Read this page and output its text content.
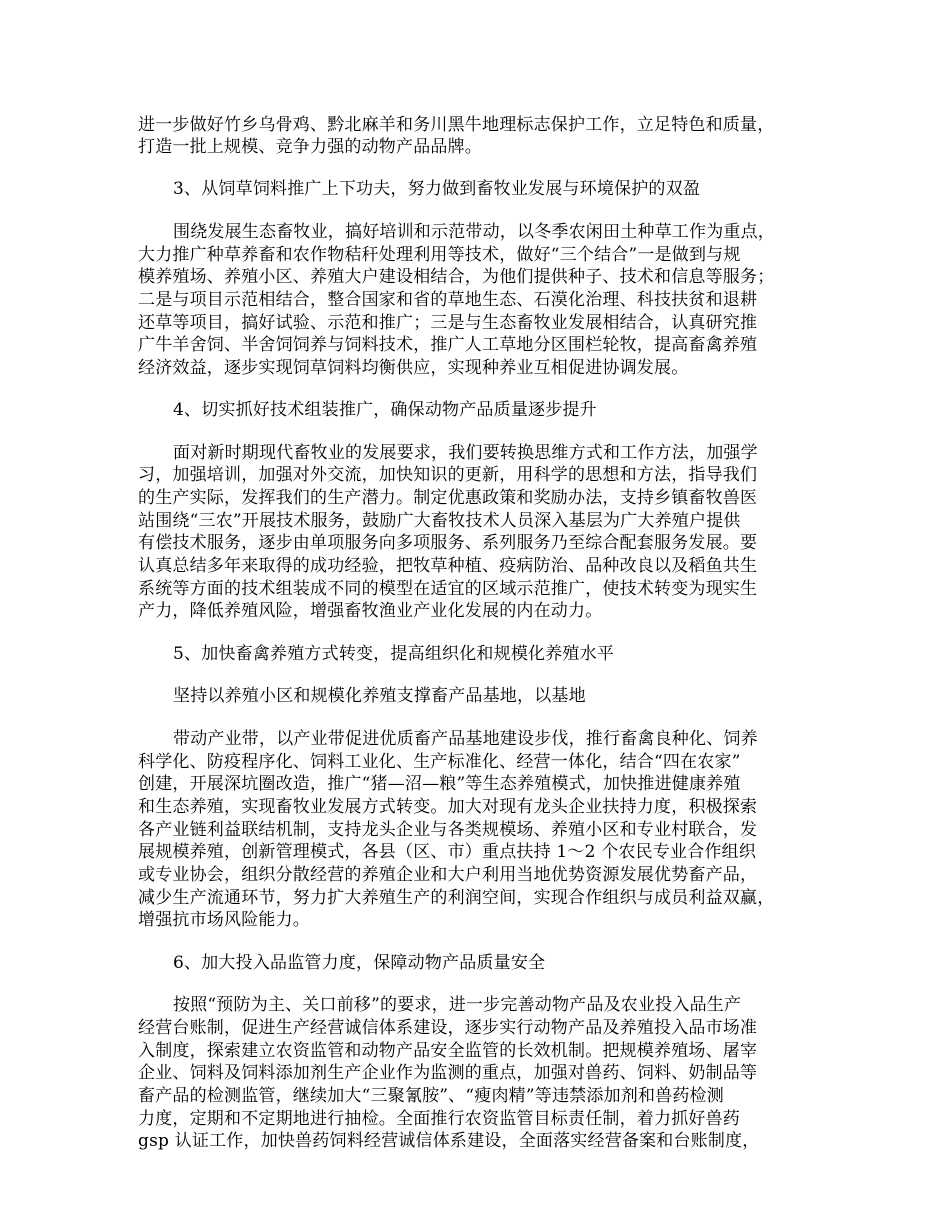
进一步做好竹乡乌骨鸡、黔北麻羊和务川黑牛地理标志保护工作，立足特色和质量，
打造一批上规模、竞争力强的动物产品品牌。
3、从饲草饲料推广上下功夫，努力做到畜牧业发展与环境保护的双盈
围绕发展生态畜牧业，搞好培训和示范带动，以冬季农闲田土种草工作为重点，
大力推广种草养畜和农作物秸秆处理利用等技术，做好“三个结合”一是做到与规
模养殖场、养殖小区、养殖大户建设相结合，为他们提供种子、技术和信息等服务；
二是与项目示范相结合，整合国家和省的草地生态、石漠化治理、科技扶贫和退耕
还草等项目，搞好试验、示范和推广；三是与生态畜牧业发展相结合，认真研究推
广牛羊舍饲、半舍饲饲养与饲料技术，推广人工草地分区围栏轮牧，提高畜禽养殖
经济效益，逐步实现饲草饲料均衡供应，实现种养业互相促进协调发展。
4、切实抓好技术组装推广，确保动物产品质量逐步提升
面对新时期现代畜牧业的发展要求，我们要转换思维方式和工作方法，加强学
习，加强培训，加强对外交流，加快知识的更新，用科学的思想和方法，指导我们
的生产实际，发挥我们的生产潜力。制定优惠政策和奖励办法，支持乡镇畜牧兽医
站围绕“三农”开展技术服务，鼓励广大畜牧技术人员深入基层为广大养殖户提供
有偿技术服务，逐步由单项服务向多项服务、系列服务乃至综合配套服务发展。要
认真总结多年来取得的成功经验，把牧草种植、疫病防治、品种改良以及稻鱼共生
系统等方面的技术组装成不同的模型在适宜的区域示范推广，使技术转变为现实生
产力，降低养殖风险，增强畜牧渔业产业化发展的内在动力。
5、加快畜禽养殖方式转变，提高组织化和规模化养殖水平
坚持以养殖小区和规模化养殖支撑畜产品基地，以基地
带动产业带，以产业带促进优质畜产品基地建设步伐，推行畜禽良种化、饲养
科学化、防疫程序化、饲料工业化、生产标准化、经营一体化，结合“四在农家”
创建，开展深坑圈改造，推广“猪—沼—粮”等生态养殖模式，加快推进健康养殖
和生态养殖，实现畜牧业发展方式转变。加大对现有龙头企业扶持力度，积极探索
各产业链利益联结机制，支持龙头企业与各类规模场、养殖小区和专业村联合，发
展规模养殖，创新管理模式，各县（区、市）重点扶持 1～2 个农民专业合作组织
或专业协会，组织分散经营的养殖企业和大户利用当地优势资源发展优势畜产品，
减少生产流通环节，努力扩大养殖生产的利润空间，实现合作组织与成员利益双赢，
增强抗市场风险能力。
6、加大投入品监管力度，保障动物产品质量安全
按照“预防为主、关口前移”的要求，进一步完善动物产品及农业投入品生产
经营台账制，促进生产经营诚信体系建设，逐步实行动物产品及养殖投入品市场准
入制度，探索建立农资监管和动物产品安全监管的长效机制。把规模养殖场、屠宰
企业、饲料及饲料添加剂生产企业作为监测的重点，加强对兽药、饲料、奶制品等
畜产品的检测监管，继续加大“三聚氰胺”、“瘦肉精”等违禁添加剂和兽药检测
力度，定期和不定期地进行抽检。全面推行农资监管目标责任制，着力抓好兽药
gsp 认证工作，加快兽药饲料经营诚信体系建设，全面落实经营备案和台账制度，
